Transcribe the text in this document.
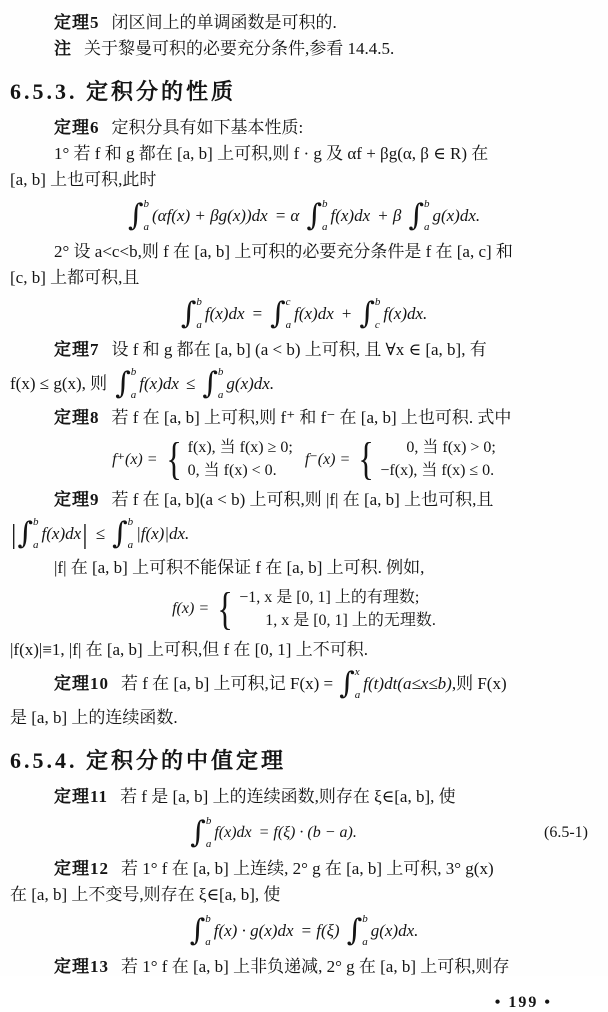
定理5 闭区间上的单调函数是可积的.
注 关于黎曼可积的必要充分条件,参看 14.4.5.
6.5.3. 定积分的性质
定理6 定积分具有如下基本性质:
1° 若 f 和 g 都在 [a, b] 上可积,则 f · g 及 αf + βg(α, β ∈ R) 在
[a, b] 上也可积,此时
∫ b
a
(αf(x) + βg(x))dx = α ∫ b
a
f(x)dx + β ∫ b
a
g(x)dx.
2° 设 a<c<b,则 f 在 [a, b] 上可积的必要充分条件是 f 在 [a, c] 和
[c, b] 上都可积,且
∫ b
a
f(x)dx = ∫ c
a
f(x)dx + ∫ b
c
f(x)dx.
定理7 设 f 和 g 都在 [a, b] (a < b) 上可积, 且 ∀x ∈ [a, b], 有
f(x) ≤ g(x), 则 ∫ b
a
f(x)dx ≤ ∫ b
a
g(x)dx.
定理8 若 f 在 [a, b] 上可积,则 f⁺ 和 f⁻ 在 [a, b] 上也可积. 式中
f⁺(x) = { f(x), 当 f(x) ≥ 0;
0, 当 f(x) < 0.
f⁻(x) = {	0, 当 f(x) > 0;
−f(x), 当 f(x) ≤ 0.
定理9 若 f 在 [a, b](a < b) 上可积,则 |f| 在 [a, b] 上也可积,且
| ∫ b
a
f(x)dx | ≤ ∫ b
a
|f(x)|dx.
|f| 在 [a, b] 上可积不能保证 f 在 [a, b] 上可积. 例如,
f(x) = { −1, x 是 [0, 1] 上的有理数;
1, x 是 [0, 1] 上的无理数.
|f(x)|≡1, |f| 在 [a, b] 上可积,但 f 在 [0, 1] 上不可积.
定理10 若 f 在 [a, b] 上可积,记 F(x) = ∫ x
a
f(t)dt(a≤x≤b) ,则 F(x)
是 [a, b] 上的连续函数.
6.5.4. 定积分的中值定理
定理11 若 f 是 [a, b] 上的连续函数,则存在 ξ∈[a, b], 使
∫ b
a
f(x)dx = f(ξ) · (b − a).	(6.5-1)
定理12 若 1° f 在 [a, b] 上连续, 2° g 在 [a, b] 上可积, 3° g(x)
在 [a, b] 上不变号,则存在 ξ∈[a, b], 使
∫ b
a
f(x) · g(x)dx = f(ξ) ∫ b
a
g(x)dx.
定理13 若 1° f 在 [a, b] 上非负递减, 2° g 在 [a, b] 上可积,则存
• 199 •
